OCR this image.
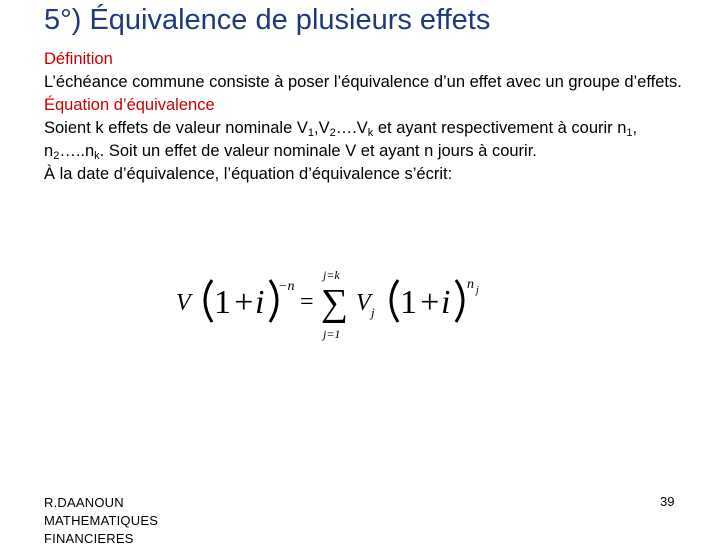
5°) Équivalence de plusieurs effets

Définition

L’échéance commune consiste à poser l’équivalence d’un effet avec un groupe d’effets.

Équation d’équivalence

Soient k effets de valeur nominale $V_1,V_2\dots.V_k$ et ayant respectivement à courir $n_1$, $n_2\dots..n_k$. Soit un effet de valeur nominale V et ayant n jours à courir.

À la date d’équivalence, l’équation d’équivalence s’écrit:

V 1 +i −n
=
j=k
∑
j=1
V j 1 +i n j
R.DAANOUN
MATHEMATIQUES
FINANCIERES
39
